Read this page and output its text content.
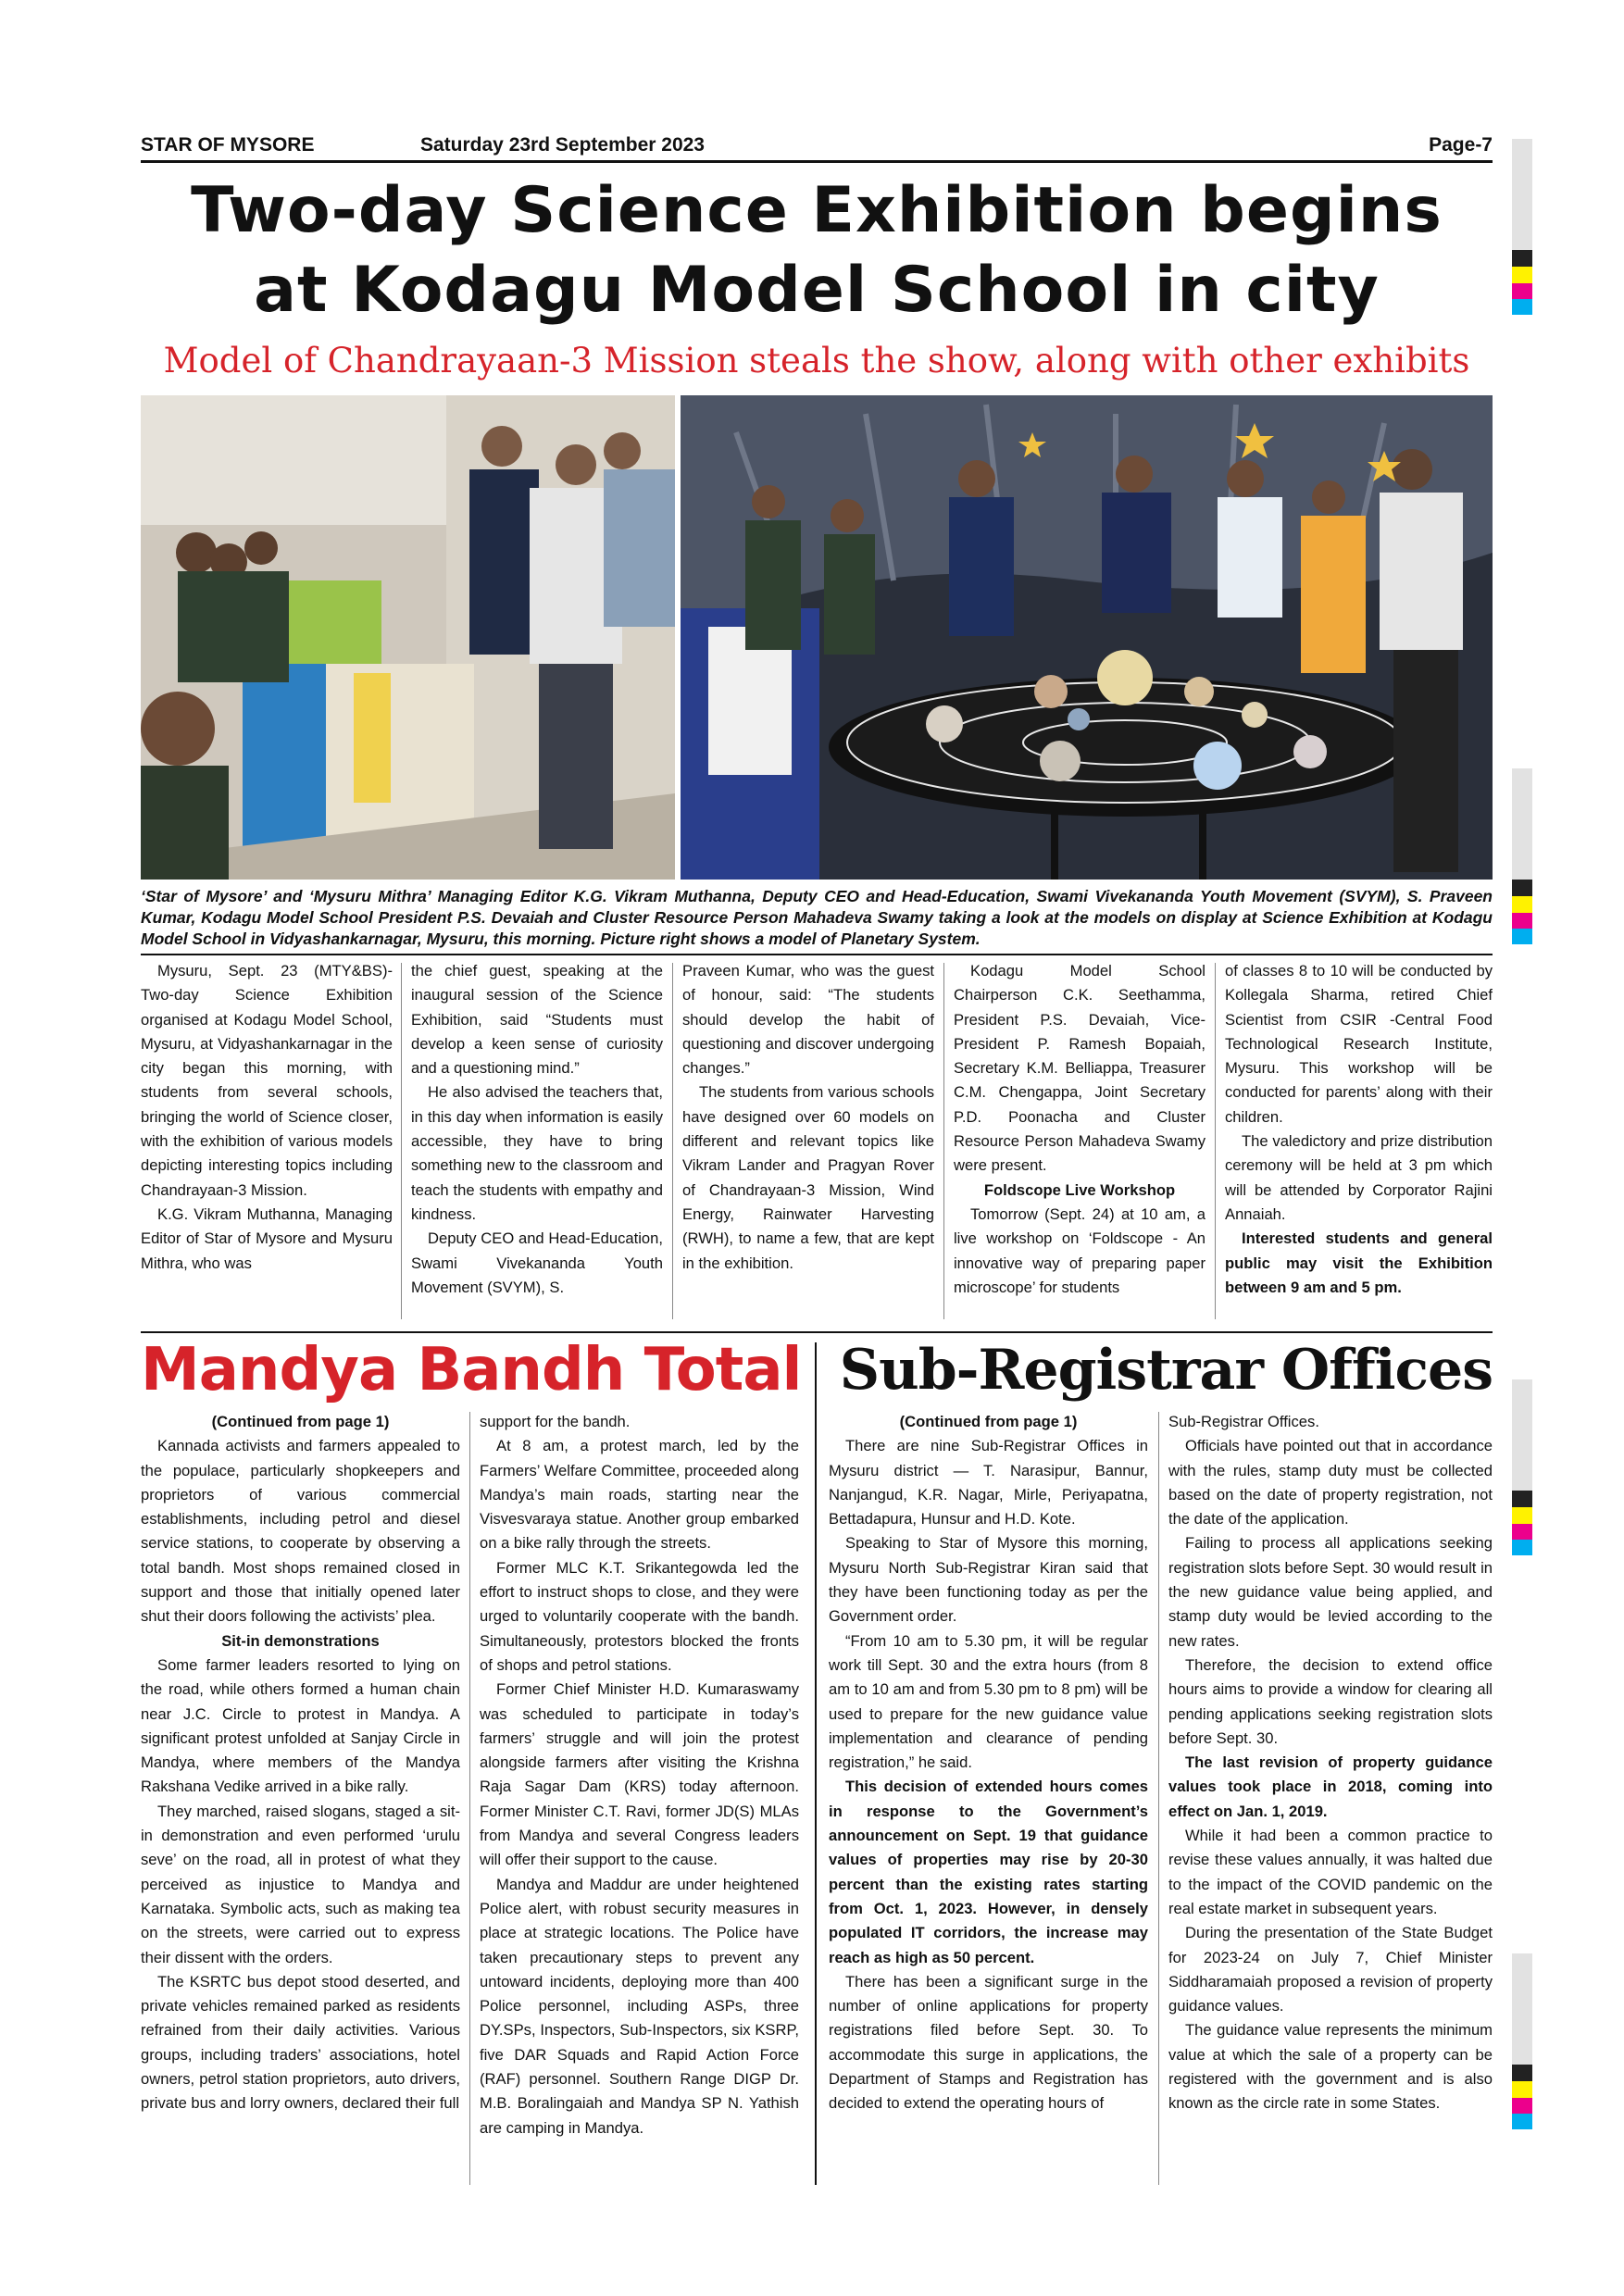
STAR OF MYSORE	Saturday 23rd September 2023	Page-7
Two-day Science Exhibition begins
at Kodagu Model School in city
Model of Chandrayaan-3 Mission steals the show, along with other exhibits
‘Star of Mysore’ and ‘Mysuru Mithra’ Managing Editor K.G. Vikram Muthanna, Deputy CEO and Head-Education, Swami Vivekananda Youth Movement (SVYM), S. Praveen Kumar, Kodagu Model School President P.S. Devaiah and Cluster Resource Person Mahadeva Swamy taking a look at the models on display at Science Exhibition at Kodagu Model School in Vidyashankarnagar, Mysuru, this morning. Picture right shows a model of Planetary System.

Mysuru, Sept. 23 (MTY&BS)- Two-day Science Exhibition organised at Kodagu Model School, Mysuru, at Vidyashankarnagar in the city began this morning, with students from several schools, bringing the world of Science closer, with the exhibition of various models depicting interesting topics including Chandrayaan-3 Mission.

K.G. Vikram Muthanna, Managing Editor of Star of Mysore and Mysuru Mithra, who was

the chief guest, speaking at the inaugural session of the Science Exhibition, said “Students must develop a keen sense of curiosity and a questioning mind.”

He also advised the teachers that, in this day when information is easily accessible, they have to bring something new to the classroom and teach the students with empathy and kindness.

Deputy CEO and Head-Education, Swami Vivekananda Youth Movement (SVYM), S.

Praveen Kumar, who was the guest of honour, said: “The students should develop the habit of questioning and discover undergoing changes.”

The students from various schools have designed over 60 models on different and relevant topics like Vikram Lander and Pragyan Rover of Chandrayaan-3 Mission, Wind Energy, Rainwater Harvesting (RWH), to name a few, that are kept in the exhibition.

Kodagu Model School Chairperson C.K. Seethamma, President P.S. Devaiah, Vice-President P. Ramesh Bopaiah, Secretary K.M. Belliappa, Treasurer C.M. Chengappa, Joint Secretary P.D. Poonacha and Cluster Resource Person Mahadeva Swamy were present.

Foldscope Live Workshop

Tomorrow (Sept. 24) at 10 am, a live workshop on ‘Foldscope - An innovative way of preparing paper microscope’ for students

of classes 8 to 10 will be conducted by Kollegala Sharma, retired Chief Scientist from CSIR -Central Food Technological Research Institute, Mysuru. This workshop will be conducted for parents’ along with their children.

The valedictory and prize distribution ceremony will be held at 3 pm which will be attended by Corporator Rajini Annaiah.

Interested students and general public may visit the Exhibition between 9 am and 5 pm.

Mandya Bandh Total

(Continued from page 1)

Kannada activists and farmers appealed to the populace, particularly shopkeepers and proprietors of various commercial establishments, including petrol and diesel service stations, to cooperate by observing a total bandh. Most shops remained closed in support and those that initially opened later shut their doors following the activists’ plea.

Sit-in demonstrations

Some farmer leaders resorted to lying on the road, while others formed a human chain near J.C. Circle to protest in Mandya. A significant protest unfolded at Sanjay Circle in Mandya, where members of the Mandya Rakshana Vedike arrived in a bike rally.

They marched, raised slogans, staged a sit-in demonstration and even performed ‘urulu seve’ on the road, all in protest of what they perceived as injustice to Mandya and Karnataka. Symbolic acts, such as making tea on the streets, were carried out to express their dissent with the orders.

The KSRTC bus depot stood deserted, and private vehicles remained parked as residents refrained from their daily activities. Various groups, including traders’ associations, hotel owners, petrol station proprietors, auto drivers, private bus and lorry owners, declared their full

support for the bandh.

At 8 am, a protest march, led by the Farmers’ Welfare Committee, proceeded along Mandya’s main roads, starting near the Visvesvaraya statue. Another group embarked on a bike rally through the streets.

Former MLC K.T. Srikantegowda led the effort to instruct shops to close, and they were urged to voluntarily cooperate with the bandh. Simultaneously, protestors blocked the fronts of shops and petrol stations.

Former Chief Minister H.D. Kumaraswamy was scheduled to participate in today’s farmers’ struggle and will join the protest alongside farmers after visiting the Krishna Raja Sagar Dam (KRS) today afternoon. Former Minister C.T. Ravi, former JD(S) MLAs from Mandya and several Congress leaders will offer their support to the cause.

Mandya and Maddur are under heightened Police alert, with robust security measures in place at strategic locations. The Police have taken precautionary steps to prevent any untoward incidents, deploying more than 400 Police personnel, including ASPs, three DY.SPs, Inspectors, Sub-Inspectors, six KSRP, five DAR Squads and Rapid Action Force (RAF) personnel. Southern Range DIGP Dr. M.B. Boralingaiah and Mandya SP N. Yathish are camping in Mandya.

Sub-Registrar Offices

(Continued from page 1)

There are nine Sub-Registrar Offices in Mysuru district — T. Narasipur, Bannur, Nanjangud, K.R. Nagar, Mirle, Periyapatna, Bettadapura, Hunsur and H.D. Kote.

Speaking to Star of Mysore this morning, Mysuru North Sub-Registrar Kiran said that they have been functioning today as per the Government order.

“From 10 am to 5.30 pm, it will be regular work till Sept. 30 and the extra hours (from 8 am to 10 am and from 5.30 pm to 8 pm) will be used to prepare for the new guidance value implementation and clearance of pending registration,” he said.

This decision of extended hours comes in response to the Government’s announcement on Sept. 19 that guidance values of properties may rise by 20-30 percent than the existing rates starting from Oct. 1, 2023. However, in densely populated IT corridors, the increase may reach as high as 50 percent.

There has been a significant surge in the number of online applications for property registrations filed before Sept. 30. To accommodate this surge in applications, the Department of Stamps and Registration has decided to extend the operating hours of

Sub-Registrar Offices.

Officials have pointed out that in accordance with the rules, stamp duty must be collected based on the date of property registration, not the date of the application.

Failing to process all applications seeking registration slots before Sept. 30 would result in the new guidance value being applied, and stamp duty would be levied according to the new rates.

Therefore, the decision to extend office hours aims to provide a window for clearing all pending applications seeking registration slots before Sept. 30.

The last revision of property guidance values took place in 2018, coming into effect on Jan. 1, 2019.

While it had been a common practice to revise these values annually, it was halted due to the impact of the COVID pandemic on the real estate market in subsequent years.

During the presentation of the State Budget for 2023-24 on July 7, Chief Minister Siddharamaiah proposed a revision of property guidance values.

The guidance value represents the minimum value at which the sale of a property can be registered with the government and is also known as the circle rate in some States.
